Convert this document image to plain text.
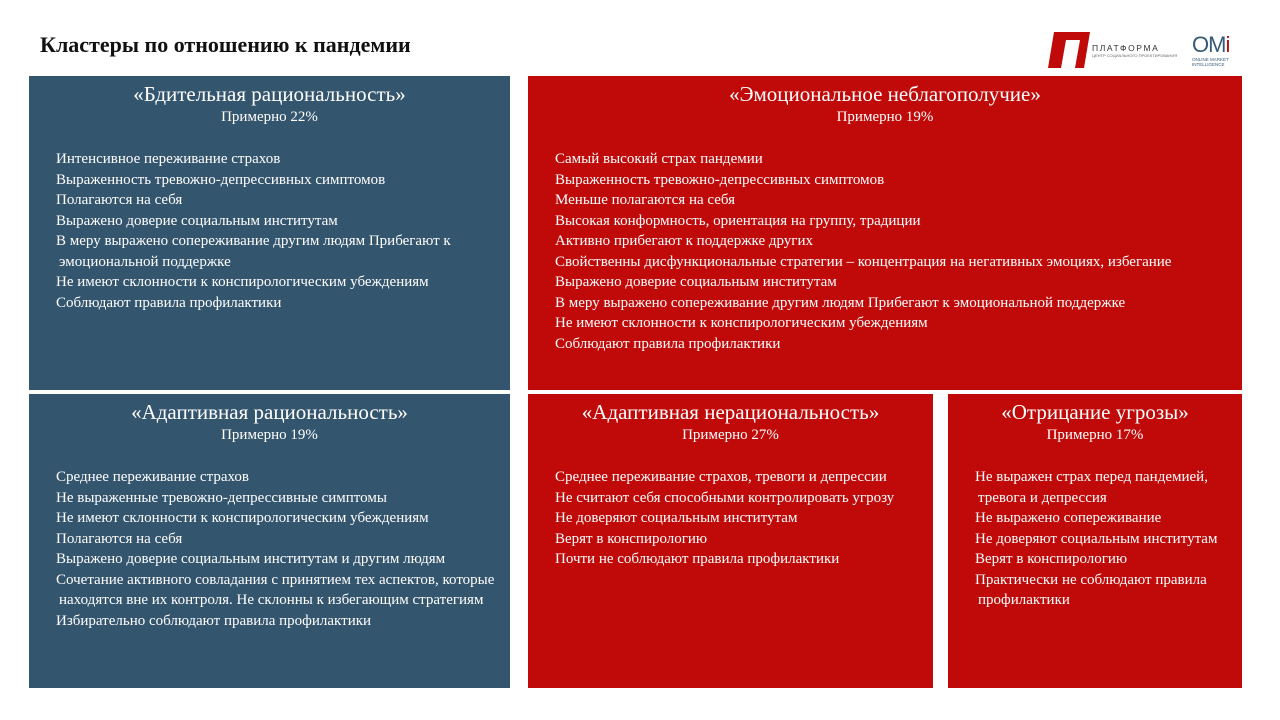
Кластеры по отношению к пандемии	ПЛАТФОРМА
ЦЕНТР СОЦИАЛЬНОГО ПРОЕКТИРОВАНИЯ OMi
ONLINE MARKET INTELLIGENCE
«Бдительная рациональность»
Примерно 22%
Интенсивное переживание страхов
Выраженность тревожно-депрессивных симптомов
Полагаются на себя
Выражено доверие социальным институтам
В меру выражено сопереживание другим людям Прибегают к эмоциональной поддержке
Не имеют склонности к конспирологическим убеждениям
Соблюдают правила профилактики
«Эмоциональное неблагополучие»
Примерно 19%
Самый высокий страх пандемии
Выраженность тревожно-депрессивных симптомов
Меньше полагаются на себя
Высокая конформность, ориентация на группу, традиции
Активно прибегают к поддержке других
Свойственны дисфункциональные стратегии – концентрация на негативных эмоциях, избегание
Выражено доверие социальным институтам
В меру выражено сопереживание другим людям Прибегают к эмоциональной поддержке
Не имеют склонности к конспирологическим убеждениям
Соблюдают правила профилактики
«Адаптивная рациональность»
Примерно 19%
Среднее переживание страхов
Не выраженные тревожно-депрессивные симптомы
Не имеют склонности к конспирологическим убеждениям
Полагаются на себя
Выражено доверие социальным институтам и другим людям
Сочетание активного совладания с принятием тех аспектов, которые находятся вне их контроля. Не склонны к избегающим стратегиям
Избирательно соблюдают правила профилактики
«Адаптивная нерациональность»
Примерно 27%
Среднее переживание страхов, тревоги и депрессии
Не считают себя способными контролировать угрозу
Не доверяют социальным институтам
Верят в конспирологию
Почти не соблюдают правила профилактики
«Отрицание угрозы»
Примерно 17%
Не выражен страх перед пандемией, тревога и депрессия
Не выражено сопереживание
Не доверяют социальным институтам
Верят в конспирологию
Практически не соблюдают правила профилактики
